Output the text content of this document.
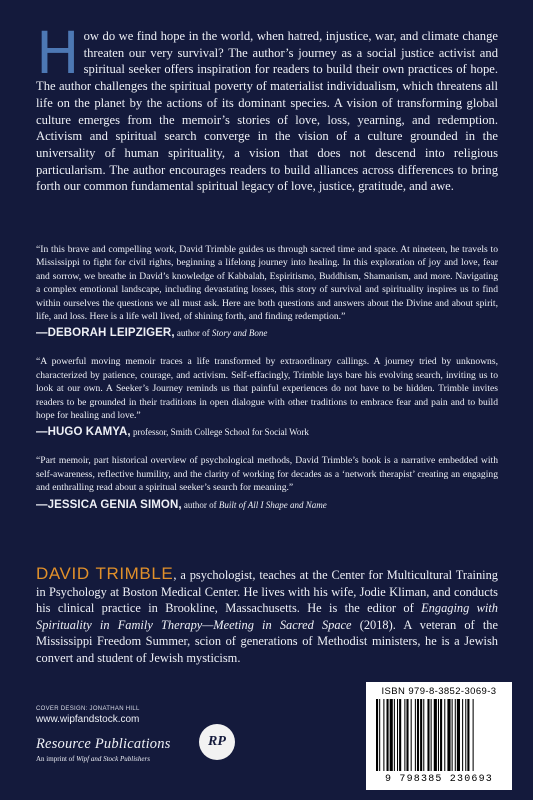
How do we find hope in the world, when hatred, injustice, war, and climate change threaten our very survival? The author’s journey as a social justice activist and spiritual seeker offers inspiration for readers to build their own practices of hope. The author challenges the spiritual poverty of materialist individualism, which threatens all life on the planet by the actions of its dominant species. A vision of transforming global culture emerges from the memoir’s stories of love, loss, yearning, and redemption. Activism and spiritual search converge in the vision of a culture grounded in the universality of human spirituality, a vision that does not descend into religious particularism. The author encourages readers to build alliances across differences to bring forth our common fundamental spiritual legacy of love, justice, gratitude, and awe.

“In this brave and compelling work, David Trimble guides us through sacred time and space. At nineteen, he travels to Mississippi to fight for civil rights, beginning a lifelong journey into healing. In this exploration of joy and love, fear and sorrow, we breathe in David’s knowledge of Kabbalah, Espiritismo, Buddhism, Shamanism, and more. Navigating a complex emotional landscape, including devastating losses, this story of survival and spirituality inspires us to find within ourselves the questions we all must ask. Here are both questions and answers about the Divine and about spirit, life, and loss. Here is a life well lived, of shining forth, and finding redemption.”

—DEBORAH LEIPZIGER, author of Story and Bone

“A powerful moving memoir traces a life transformed by extraordinary callings. A journey tried by unknowns, characterized by patience, courage, and activism. Self-effacingly, Trimble lays bare his evolving search, inviting us to look at our own. A Seeker’s Journey reminds us that painful experiences do not have to be hidden. Trimble invites readers to be grounded in their traditions in open dialogue with other traditions to embrace fear and pain and to build hope for healing and love.”

—HUGO KAMYA, professor, Smith College School for Social Work

“Part memoir, part historical overview of psychological methods, David Trimble’s book is a narrative embedded with self-awareness, reflective humility, and the clarity of working for decades as a ‘network therapist’ creating an engaging and enthralling read about a spiritual seeker’s search for meaning.”

—JESSICA GENIA SIMON, author of Built of All I Shape and Name

DAVID TRIMBLE, a psychologist, teaches at the Center for Multicultural Training in Psychology at Boston Medical Center. He lives with his wife, Jodie Kliman, and conducts his clinical practice in Brookline, Massachusetts. He is the editor of Engaging with Spirituality in Family Therapy—Meeting in Sacred Space (2018). A veteran of the Mississippi Freedom Summer, scion of generations of Methodist ministers, he is a Jewish convert and student of Jewish mysticism.

COVER DESIGN: JONATHAN HILL
www.wipfandstock.com
Resource Publications
An imprint of Wipf and Stock Publishers
RP
ISBN 979-8-3852-3069-3
9 798385 230693
